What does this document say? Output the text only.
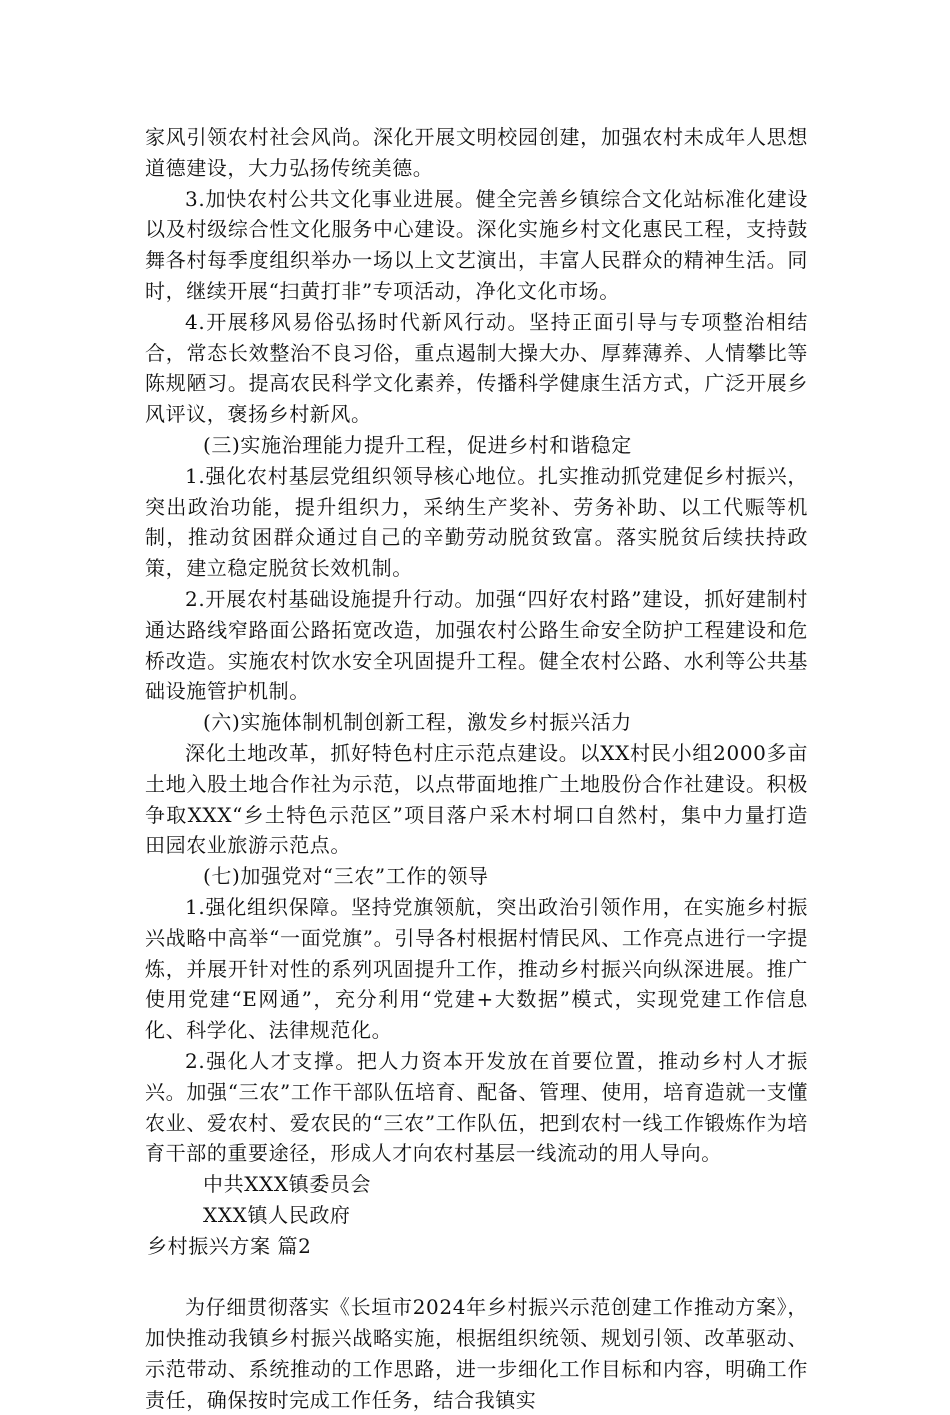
家风引领农村社会风尚。深化开展文明校园创建，加强农村未成年人思想道德建设，大力弘扬传统美德。

3.加快农村公共文化事业进展。健全完善乡镇综合文化站标准化建设以及村级综合性文化服务中心建设。深化实施乡村文化惠民工程，支持鼓舞各村每季度组织举办一场以上文艺演出，丰富人民群众的精神生活。同时，继续开展“扫黄打非”专项活动，净化文化市场。

4.开展移风易俗弘扬时代新风行动。坚持正面引导与专项整治相结合，常态长效整治不良习俗，重点遏制大操大办、厚葬薄养、人情攀比等陈规陋习。提高农民科学文化素养，传播科学健康生活方式，广泛开展乡风评议，褒扬乡村新风。

(三)实施治理能力提升工程，促进乡村和谐稳定

1.强化农村基层党组织领导核心地位。扎实推动抓党建促乡村振兴，突出政治功能，提升组织力，采纳生产奖补、劳务补助、以工代赈等机制，推动贫困群众通过自己的辛勤劳动脱贫致富。落实脱贫后续扶持政策，建立稳定脱贫长效机制。

2.开展农村基础设施提升行动。加强“四好农村路”建设，抓好建制村通达路线窄路面公路拓宽改造，加强农村公路生命安全防护工程建设和危桥改造。实施农村饮水安全巩固提升工程。健全农村公路、水利等公共基础设施管护机制。

(六)实施体制机制创新工程，激发乡村振兴活力

深化土地改革，抓好特色村庄示范点建设。以XX村民小组2000多亩土地入股土地合作社为示范，以点带面地推广土地股份合作社建设。积极争取XXX“乡土特色示范区”项目落户采木村垌口自然村，集中力量打造田园农业旅游示范点。

(七)加强党对“三农”工作的领导

1.强化组织保障。坚持党旗领航，突出政治引领作用，在实施乡村振兴战略中高举“一面党旗”。引导各村根据村情民风、工作亮点进行一字提炼，并展开针对性的系列巩固提升工作，推动乡村振兴向纵深进展。推广使用党建“E网通”，充分利用“党建+大数据”模式，实现党建工作信息化、科学化、法律规范化。

2.强化人才支撑。把人力资本开发放在首要位置，推动乡村人才振兴。加强“三农”工作干部队伍培育、配备、管理、使用，培育造就一支懂农业、爱农村、爱农民的“三农”工作队伍，把到农村一线工作锻炼作为培育干部的重要途径，形成人才向农村基层一线流动的用人导向。

中共XXX镇委员会

XXX镇人民政府

乡村振兴方案 篇2

为仔细贯彻落实《长垣市2024年乡村振兴示范创建工作推动方案》，加快推动我镇乡村振兴战略实施，根据组织统领、规划引领、改革驱动、示范带动、系统推动的工作思路，进一步细化工作目标和内容，明确工作责任，确保按时完成工作任务，结合我镇实
